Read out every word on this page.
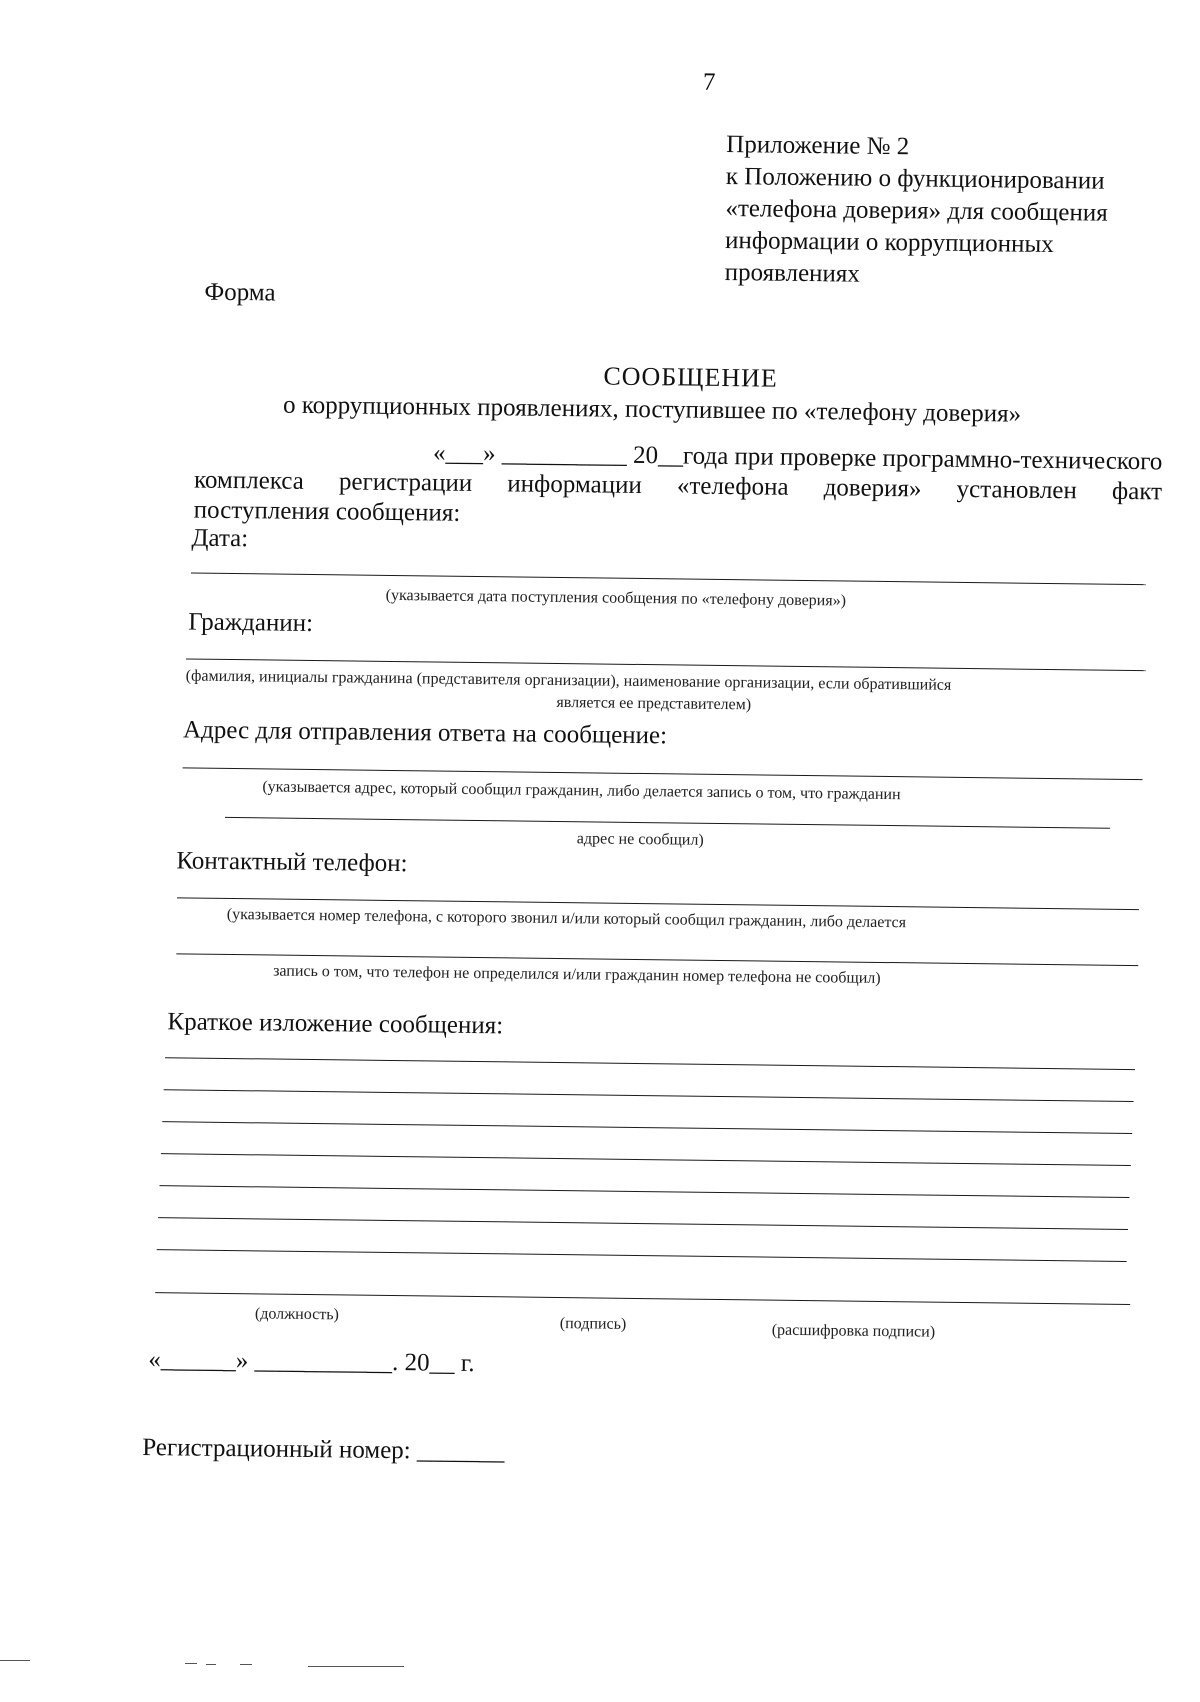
7
Приложение № 2
к Положению о функционировании
«телефона доверия» для сообщения
информации о коррупционных
проявлениях
Форма
СООБЩЕНИЕ
о коррупционных проявлениях, поступившее по «телефону доверия»
«___» __________ 20__года при проверке программно-технического
комплекса регистрации информации «телефона доверия» установлен факт
поступления сообщения:
Дата:
(указывается дата поступления сообщения по «телефону доверия»)
Гражданин:
(фамилия, инициалы гражданина (представителя организации), наименование организации, если обратившийся
является ее представителем)
Адрес для отправления ответа на сообщение:
(указывается адрес, который сообщил гражданин, либо делается запись о том, что гражданин
адрес не сообщил)
Контактный телефон:
(указывается номер телефона, с которого звонил и/или который сообщил гражданин, либо делается
запись о том, что телефон не определился и/или гражданин номер телефона не сообщил)
Краткое изложение сообщения:
(должность)
(подпись)	(расшифровка подписи)
«______» ___________. 20__ г.
Регистрационный номер: _______
